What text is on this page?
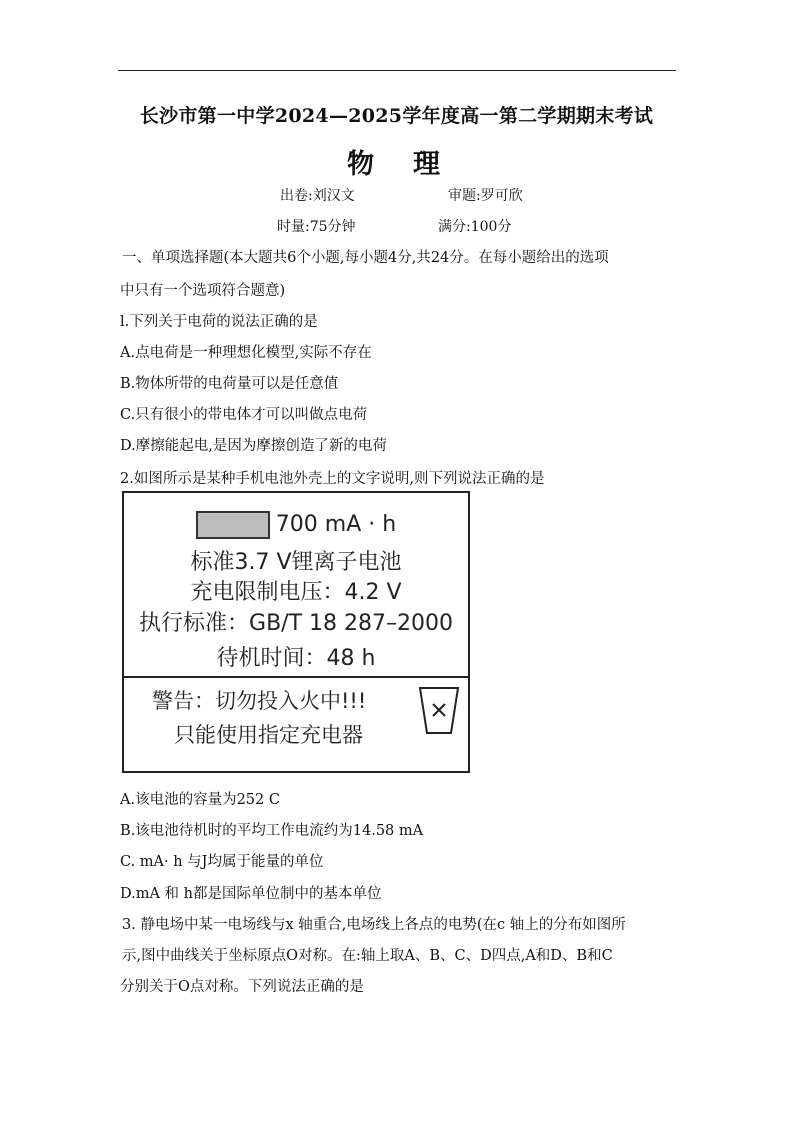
长沙市第一中学2024—2025学年度高一第二学期期末考试
物　理
出卷:刘汉文	审题:罗可欣
时量:75分钟	满分:100分
一、单项选择题(本大题共6个小题,每小题4分,共24分。在每小题给出的选项
中只有一个选项符合题意)
l.下列关于电荷的说法正确的是
A.点电荷是一种理想化模型,实际不存在
B.物体所带的电荷量可以是任意值
C.只有很小的带电体才可以叫做点电荷
D.摩擦能起电,是因为摩擦创造了新的电荷
2.如图所示是某种手机电池外壳上的文字说明,则下列说法正确的是
700 mA · h
标准3.7 V锂离子电池
充电限制电压：4.2 V
执行标准：GB/T 18 287–2000
待机时间：48 h
警告：切勿投入火中!!!
只能使用指定充电器
A.该电池的容量为252 C
B.该电池待机时的平均工作电流约为14.58 mA
C. mA· h 与J均属于能量的单位
D.mA 和 h都是国际单位制中的基本单位
3. 静电场中某一电场线与x 轴重合,电场线上各点的电势(在c 轴上的分布如图所
示,图中曲线关于坐标原点O对称。在:轴上取A、B、C、D四点,A和D、B和C
分别关于O点对称。下列说法正确的是
